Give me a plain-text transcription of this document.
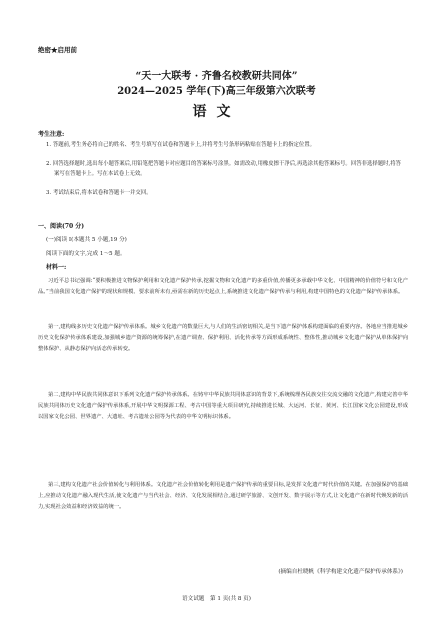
绝密★启用前
“天一大联考 · 齐鲁名校教研共同体”
2024—2025 学年(下)高三年级第六次联考
语文
考生注意:
1. 答题前,考生务必将自己的姓名、考生号填写在试卷和答题卡上,并将考生号条形码粘贴在答题卡上的指定位置。
2. 回答选择题时,选出每小题答案后,用铅笔把答题卡对应题目的答案标号涂黑。如需改动,用橡皮擦干净后,再选涂其他答案标号。回答非选择题时,将答案写在答题卡上。写在本试卷上无效。
3. 考试结束后,将本试卷和答题卡一并交回。
一、阅读(70 分)
(一)阅读 I(本题共 5 小题,19 分)
阅读下面的文字,完成 1～5 题。
材料一:
习近平总书记强调:“要积极推进文物保护利用和文化遗产保护传承,挖掘文物和文化遗产的多重价值,传播更多承载中华文化、中国精神的价值符号和文化产品。”当前我国文化遗产保护的现状和规模、要求前所未有,亟需在新的历史起点上,系统推进文化遗产保护传承与利用,构建中国特色的文化遗产保护传承体系。
第一,建构线多历史文化遗产保护传承体系。城乡文化遗产的数量巨大,与人们的生活密切相关,是当下遗产保护体系构建面临的重要内容。各地应当推进城乡历史文化保护传承体系建设,加强城乡遗产资源的统筹保护,在遗产调查、保护利用、活化传承等方面形成系统性、整体性,推动城乡文化遗产保护从单体保护向整体保护、从静态保护向活态传承转变。
第二,建构中华民族共同体意识下系列文化遗产保护传承体系。在铸牢中华民族共同体意识的背景下,系统梳理各民族交往交流交融的文化遗产,构建完善中华民族共同体历史文化遗产保护传承体系,开展中华文明探源工程、考古中国等重大项目研究,持续推进长城、大运河、长征、黄河、长江国家文化公园建设,形成以国家文化公园、世界遗产、大遗址、考古遗址公园等为代表的中华文明标识体系。
第三,建构文化遗产社会价值转化与利用体系。文化遗产社会价值转化利用是遗产保护传承的重要目标,是发挥文化遗产时代价值的关键。在加强保护的基础上,应推动文化遗产融入现代生活,使文化遗产与当代社会、经济、文化发展相结合,通过研学旅游、文创开发、数字展示等方式,让文化遗产在新时代焕发新的活力,实现社会效益和经济效益的统一。
(摘编自杜晓帆《科学构建文化遗产保护传承体系》)
语文试题　第 1 页(共 8 页)
